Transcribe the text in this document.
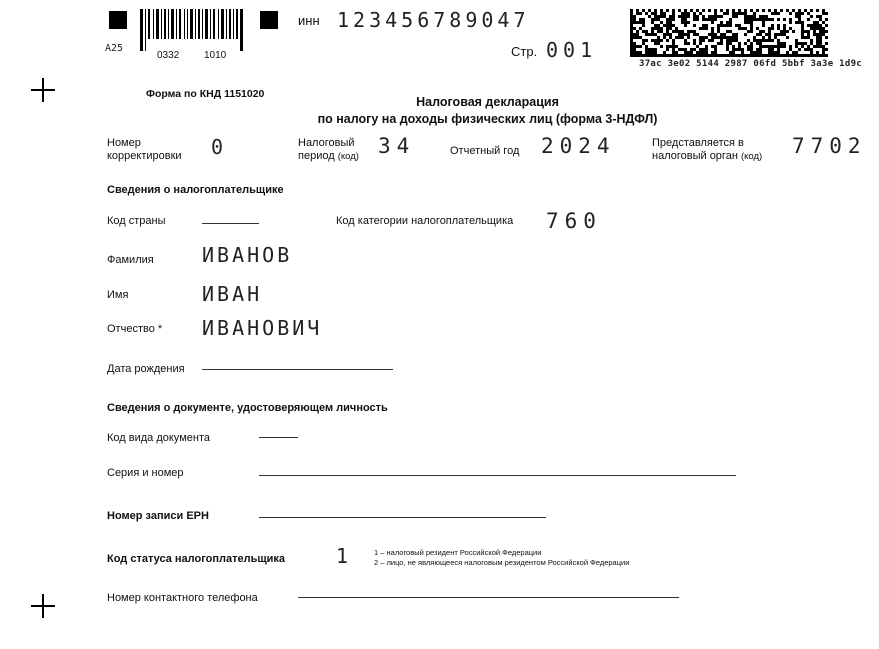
A25
0332 1010
инн 123456789047
Стр. 001
37ac 3e02 5144 2987 06fd 5bbf 3a3e 1d9c
Форма по КНД 1151020
Налоговая декларация
по налогу на доходы физических лиц (форма 3-НДФЛ)
Номер
корректировки 0	Налоговый
период (код) 34	Отчетный год 2024	Представляется в
налоговый орган (код) 7702
Сведения о налогоплательщике
Код страны	Код категории налогоплательщика 760
Фамилия ИВАНОВ
Имя	ИВАН
Отчество * ИВАНОВИЧ
Дата рождения
Сведения о документе, удостоверяющем личность
Код вида документа
Серия и номер
Номер записи ЕРН
Код статуса налогоплательщика	1	1 – налоговый резидент Российской Федерации
2 – лицо, не являющееся налоговым резидентом Российской Федерации
Номер контактного телефона
